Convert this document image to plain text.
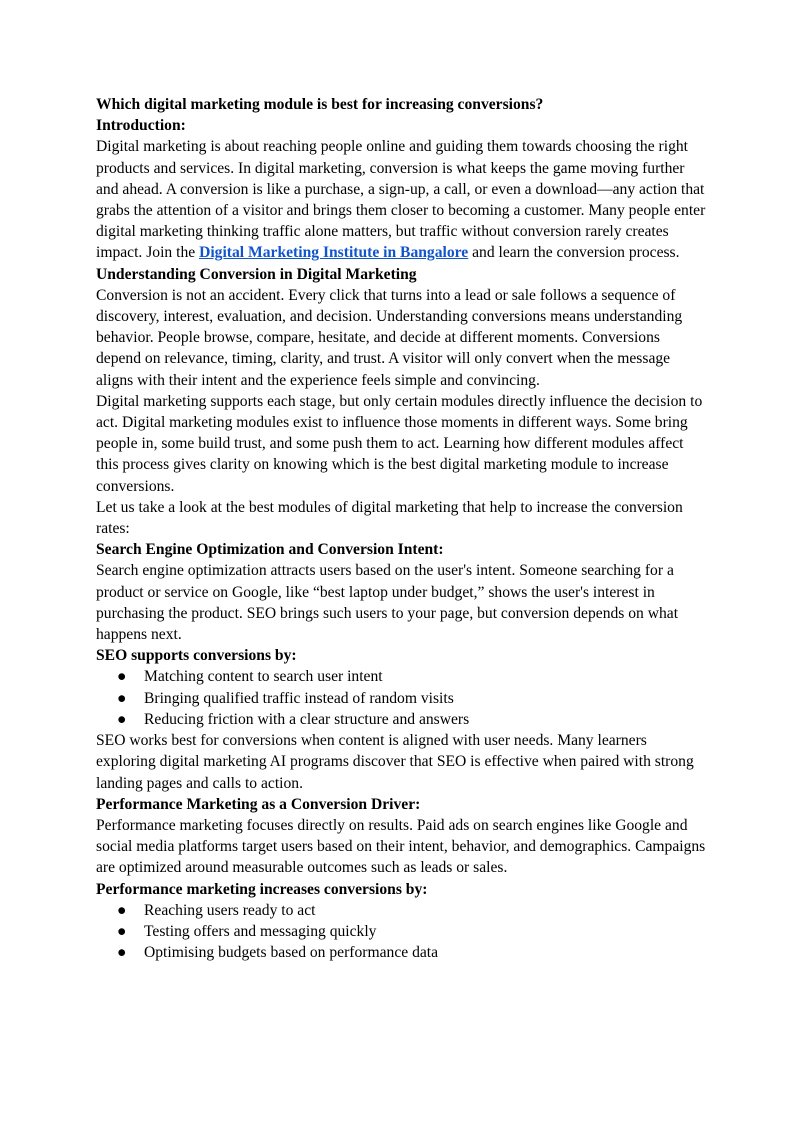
Which digital marketing module is best for increasing conversions?

Introduction:

Digital marketing is about reaching people online and guiding them towards choosing the right products and services. In digital marketing, conversion is what keeps the game moving further and ahead. A conversion is like a purchase, a sign-up, a call, or even a download—any action that grabs the attention of a visitor and brings them closer to becoming a customer. Many people enter digital marketing thinking traffic alone matters, but traffic without conversion rarely creates impact. Join the Digital Marketing Institute in Bangalore and learn the conversion process.

Understanding Conversion in Digital Marketing

Conversion is not an accident. Every click that turns into a lead or sale follows a sequence of discovery, interest, evaluation, and decision. Understanding conversions means understanding behavior. People browse, compare, hesitate, and decide at different moments. Conversions depend on relevance, timing, clarity, and trust. A visitor will only convert when the message aligns with their intent and the experience feels simple and convincing.

Digital marketing supports each stage, but only certain modules directly influence the decision to act. Digital marketing modules exist to influence those moments in different ways. Some bring people in, some build trust, and some push them to act. Learning how different modules affect this process gives clarity on knowing which is the best digital marketing module to increase conversions.

Let us take a look at the best modules of digital marketing that help to increase the conversion rates:

Search Engine Optimization and Conversion Intent:

Search engine optimization attracts users based on the user's intent. Someone searching for a product or service on Google, like “best laptop under budget,” shows the user's interest in purchasing the product. SEO brings such users to your page, but conversion depends on what happens next.

SEO supports conversions by:

● Matching content to search user intent
● Bringing qualified traffic instead of random visits
● Reducing friction with a clear structure and answers

SEO works best for conversions when content is aligned with user needs. Many learners exploring digital marketing AI programs discover that SEO is effective when paired with strong landing pages and calls to action.

Performance Marketing as a Conversion Driver:

Performance marketing focuses directly on results. Paid ads on search engines like Google and social media platforms target users based on their intent, behavior, and demographics. Campaigns are optimized around measurable outcomes such as leads or sales.

Performance marketing increases conversions by:

● Reaching users ready to act
● Testing offers and messaging quickly
● Optimising budgets based on performance data
